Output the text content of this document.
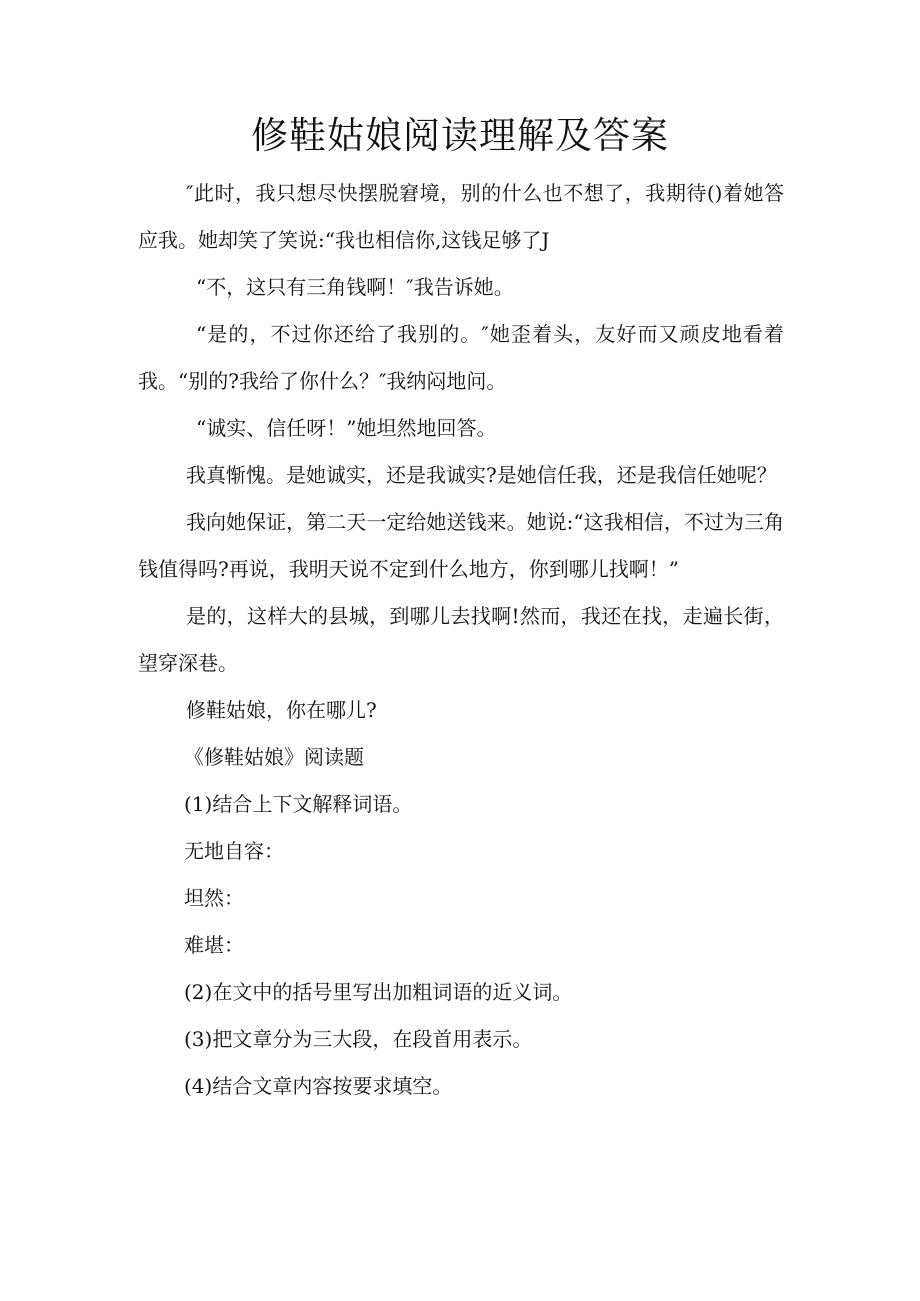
修鞋姑娘阅读理解及答案

″此时，我只想尽快摆脱窘境，别的什么也不想了，我期待()着她答应我。她却笑了笑说:“我也相信你,这钱足够了J

“不，这只有三角钱啊！″我告诉她。

“是的，不过你还给了我别的。″她歪着头，友好而又顽皮地看着我。“别的?我给了你什么？″我纳闷地问。

“诚实、信任呀！”她坦然地回答。

我真惭愧。是她诚实，还是我诚实?是她信任我，还是我信任她呢？

我向她保证，第二天一定给她送钱来。她说:“这我相信，不过为三角钱值得吗?再说，我明天说不定到什么地方，你到哪儿找啊！”

是的，这样大的县城，到哪儿去找啊!然而，我还在找，走遍长街，望穿深巷。

修鞋姑娘，你在哪儿?

《修鞋姑娘》阅读题

(1)结合上下文解释词语。

无地自容：

坦然：

难堪：

(2)在文中的括号里写出加粗词语的近义词。

(3)把文章分为三大段，在段首用表示。

(4)结合文章内容按要求填空。
